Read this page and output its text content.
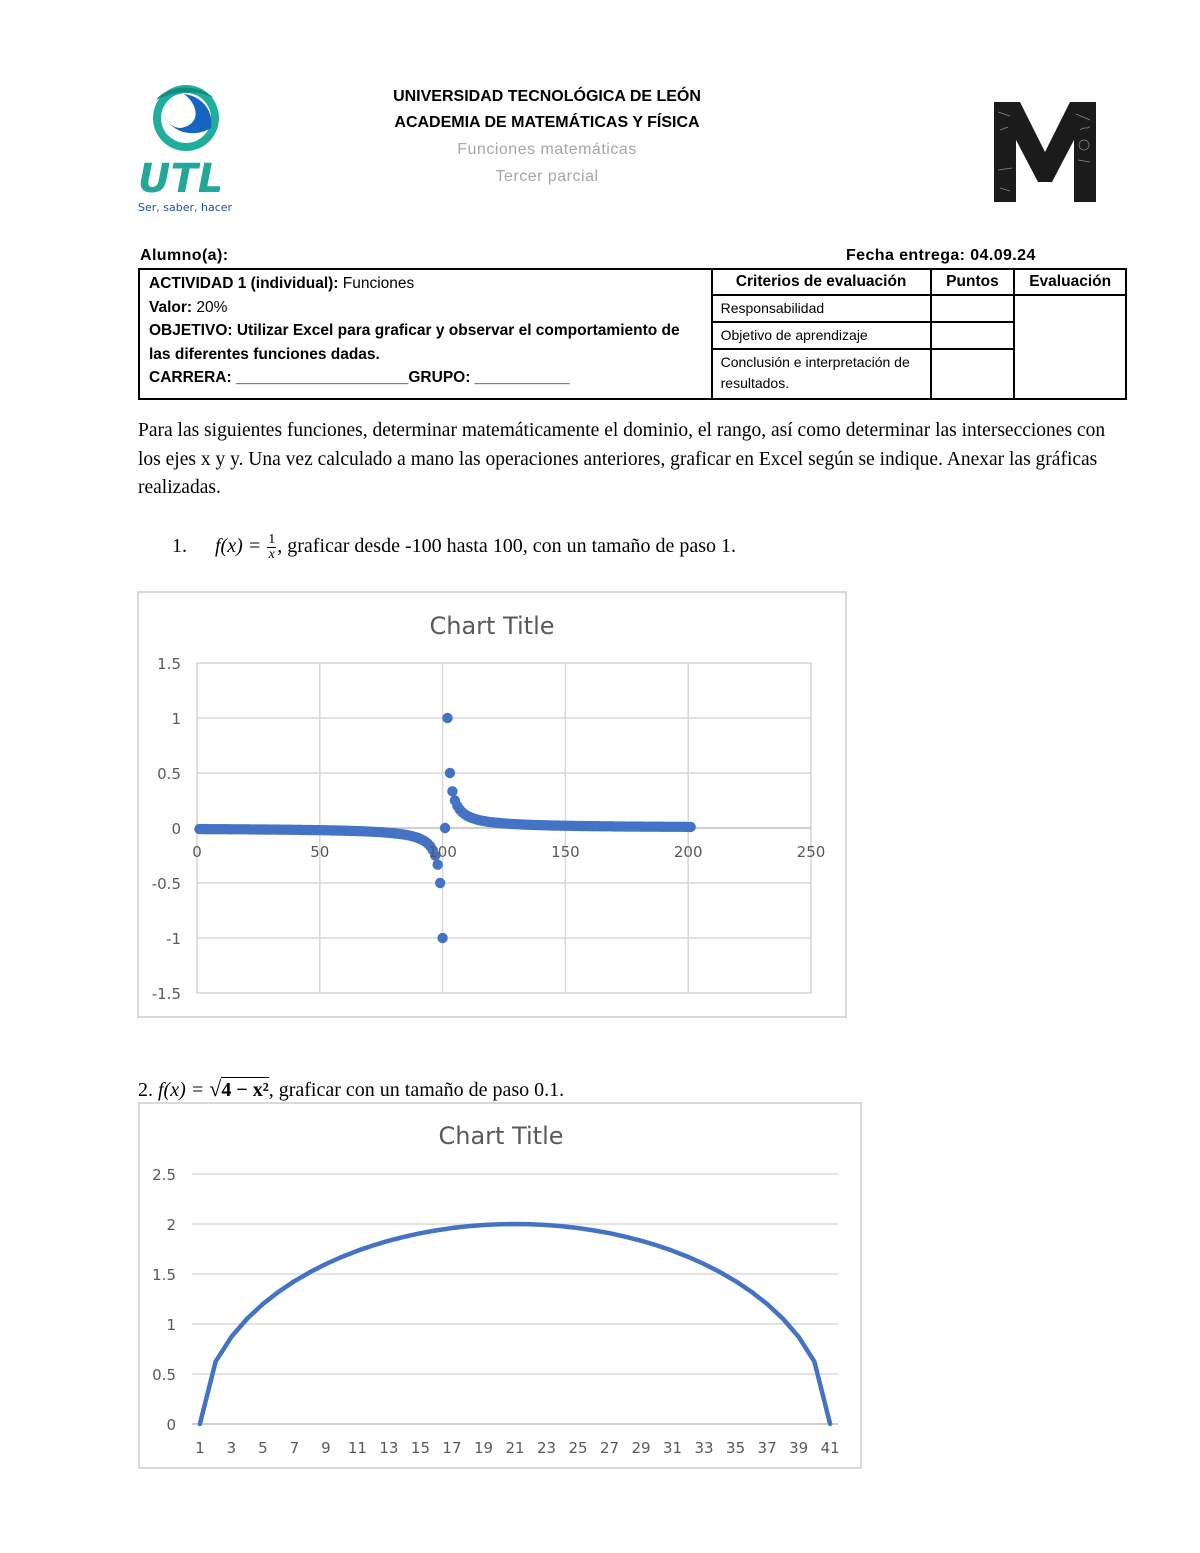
UTL
Ser, saber, hacer
UNIVERSIDAD TECNOLÓGICA DE LEÓN
ACADEMIA DE MATEMÁTICAS Y FÍSICA
Funciones matemáticas
Tercer parcial
Alumno(a):	Fecha entrega: 04.09.24
ACTIVIDAD 1 (individual): Funciones
Valor: 20%
OBJETIVO: Utilizar Excel para graficar y observar el comportamiento de las diferentes funciones dadas.
CARRERA: ____________________GRUPO: ___________	Criterios de evaluación	Puntos	Evaluación
	Responsabilidad		
	Objetivo de aprendizaje		
	Conclusión e interpretación de resultados.		
Para las siguientes funciones, determinar matemáticamente el dominio, el rango, así como determinar las intersecciones con los ejes x y y. Una vez calculado a mano las operaciones anteriores, graficar en Excel según se indique. Anexar las gráficas realizadas.
1. $f(x) = \frac{1}{x}$ , graficar desde -100 hasta 100, con un tamaño de paso 1.
Chart Title
1.5
1
0.5
0
-0.5
-1
-1.5
0	50	100	150	200	250
2. f(x) = √4 − x², graficar con un tamaño de paso 0.1.
Chart Title
2.5
2
1.5
1
0.5
0
1 3 5 7 9 11 13 15 17 19 21 23 25 27 29 31 33 35 37 39 41
